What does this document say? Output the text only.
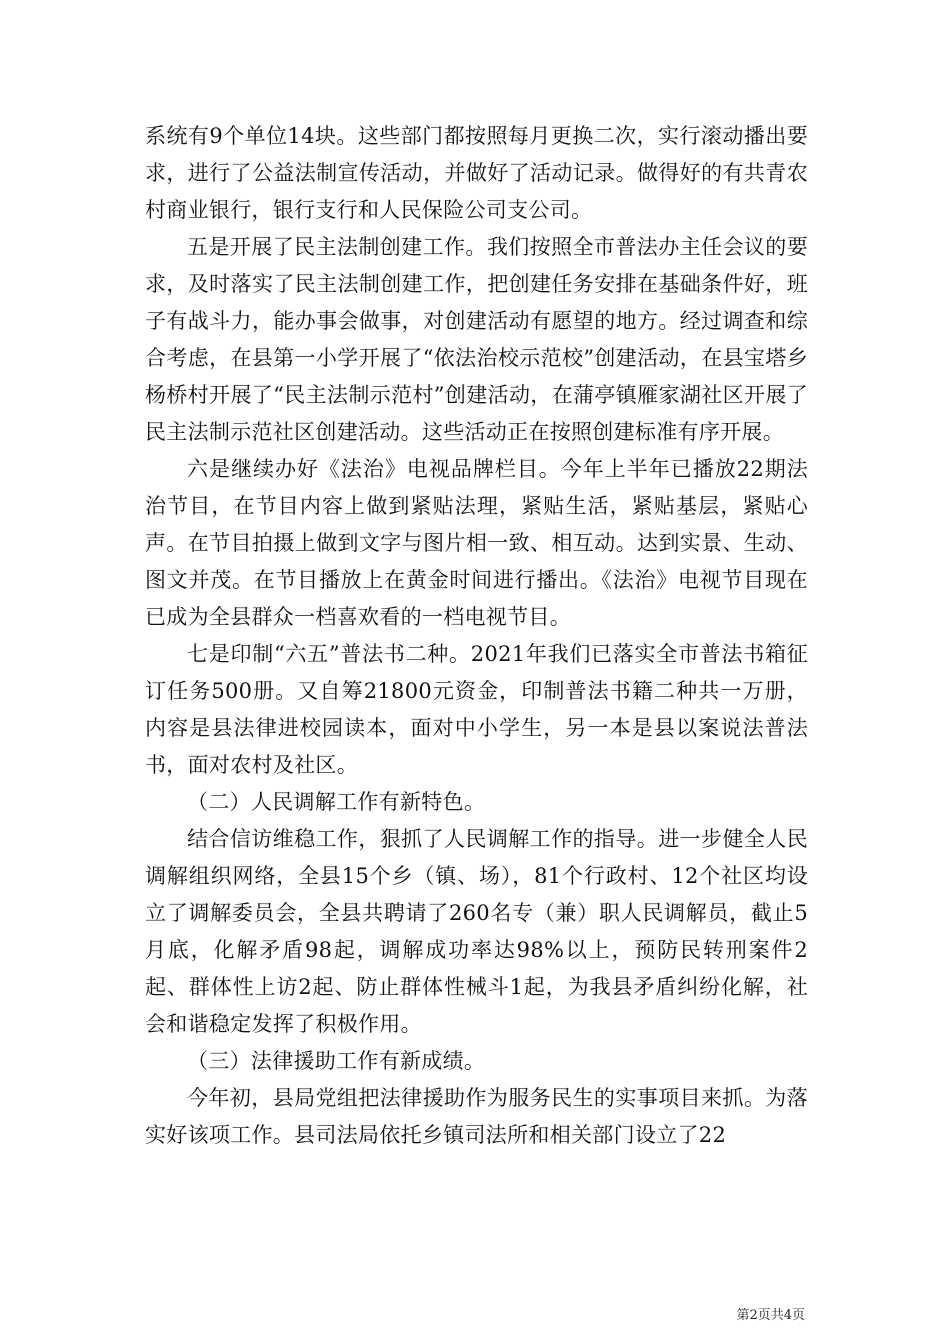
系统有9个单位14块。这些部门都按照每月更换二次，实行滚动播出要求，进行了公益法制宣传活动，并做好了活动记录。做得好的有共青农村商业银行，银行支行和人民保险公司支公司。

五是开展了民主法制创建工作。我们按照全市普法办主任会议的要求，及时落实了民主法制创建工作，把创建任务安排在基础条件好，班子有战斗力，能办事会做事，对创建活动有愿望的地方。经过调查和综合考虑，在县第一小学开展了“依法治校示范校”创建活动，在县宝塔乡杨桥村开展了“民主法制示范村”创建活动，在蒲亭镇雁家湖社区开展了民主法制示范社区创建活动。这些活动正在按照创建标准有序开展。

六是继续办好《法治》电视品牌栏目。今年上半年已播放22期法治节目，在节目内容上做到紧贴法理，紧贴生活，紧贴基层，紧贴心声。在节目拍摄上做到文字与图片相一致、相互动。达到实景、生动、图文并茂。在节目播放上在黄金时间进行播出。《法治》电视节目现在已成为全县群众一档喜欢看的一档电视节目。

七是印制“六五”普法书二种。2021年我们已落实全市普法书箱征订任务500册。又自筹21800元资金，印制普法书籍二种共一万册，内容是县法律进校园读本，面对中小学生，另一本是县以案说法普法书，面对农村及社区。

（二）人民调解工作有新特色。

结合信访维稳工作，狠抓了人民调解工作的指导。进一步健全人民调解组织网络，全县15个乡（镇、场），81个行政村、12个社区均设立了调解委员会，全县共聘请了260名专（兼）职人民调解员，截止5月底，化解矛盾98起，调解成功率达98%以上，预防民转刑案件2起、群体性上访2起、防止群体性械斗1起，为我县矛盾纠纷化解，社会和谐稳定发挥了积极作用。

（三）法律援助工作有新成绩。

今年初，县局党组把法律援助作为服务民生的实事项目来抓。为落实好该项工作。县司法局依托乡镇司法所和相关部门设立了22

第2页共4页
